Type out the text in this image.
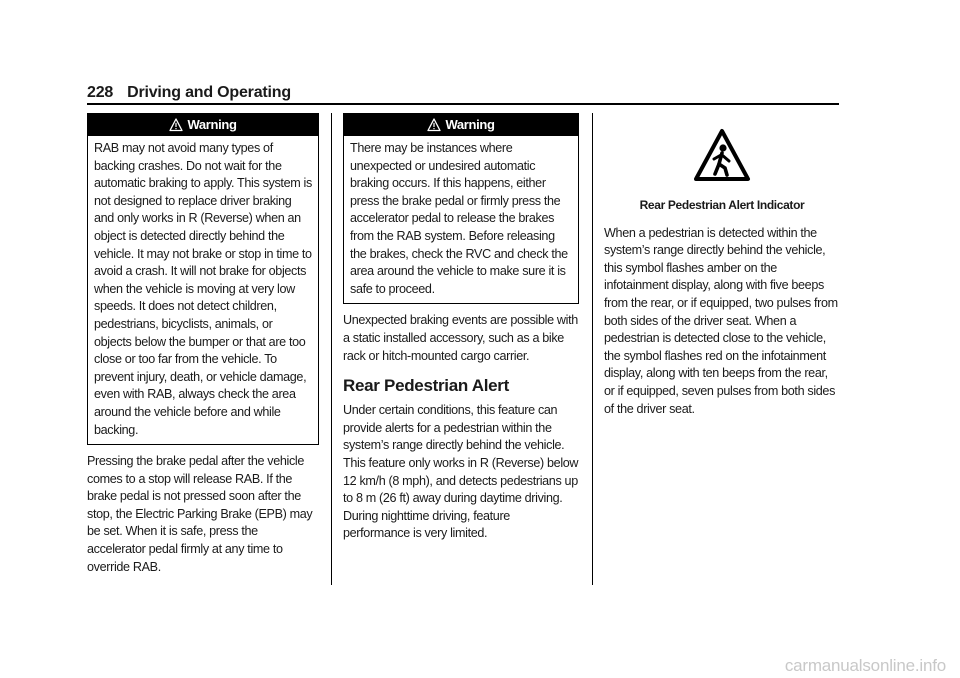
228 Driving and Operating
Warning

RAB may not avoid many types of backing crashes. Do not wait for the automatic braking to apply. This system is not designed to replace driver braking and only works in R (Reverse) when an object is detected directly behind the vehicle. It may not brake or stop in time to avoid a crash. It will not brake for objects when the vehicle is moving at very low speeds. It does not detect children, pedestrians, bicyclists, animals, or objects below the bumper or that are too close or too far from the vehicle. To prevent injury, death, or vehicle damage, even with RAB, always check the area around the vehicle before and while backing.

Pressing the brake pedal after the vehicle comes to a stop will release RAB. If the brake pedal is not pressed soon after the stop, the Electric Parking Brake (EPB) may be set. When it is safe, press the accelerator pedal firmly at any time to override RAB.

Warning

There may be instances where unexpected or undesired automatic braking occurs. If this happens, either press the brake pedal or firmly press the accelerator pedal to release the brakes from the RAB system. Before releasing the brakes, check the RVC and check the area around the vehicle to make sure it is safe to proceed.

Unexpected braking events are possible with a static installed accessory, such as a bike rack or hitch-mounted cargo carrier.

Rear Pedestrian Alert

Under certain conditions, this feature can provide alerts for a pedestrian within the system’s range directly behind the vehicle. This feature only works in R (Reverse) below 12 km/h (8 mph), and detects pedestrians up to 8 m (26 ft) away during daytime driving. During nighttime driving, feature performance is very limited.

Rear Pedestrian Alert Indicator

When a pedestrian is detected within the system’s range directly behind the vehicle, this symbol flashes amber on the infotainment display, along with five beeps from the rear, or if equipped, two pulses from both sides of the driver seat. When a pedestrian is detected close to the vehicle, the symbol flashes red on the infotainment display, along with ten beeps from the rear, or if equipped, seven pulses from both sides of the driver seat.

carmanualsonline.info
